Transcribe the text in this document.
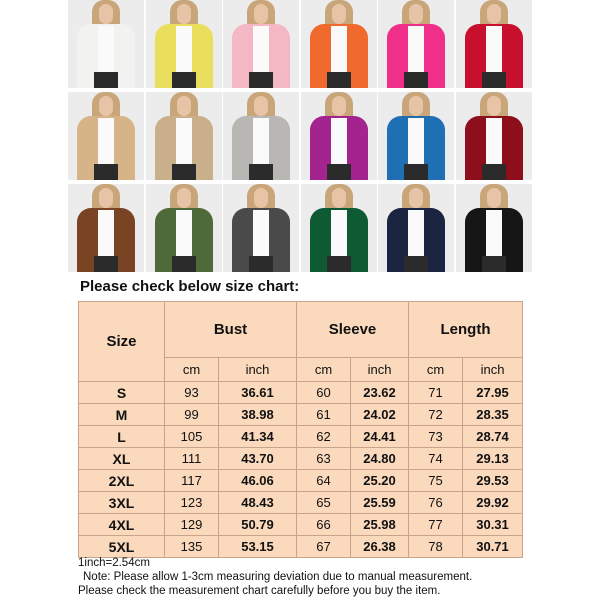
Please check below size chart:
Size	Bust		Sleeve		Length	
	cm	inch	cm	inch	cm	inch
S	93	36.61	60	23.62	71	27.95
M	99	38.98	61	24.02	72	28.35
L	105	41.34	62	24.41	73	28.74
XL	111	43.70	63	24.80	74	29.13
2XL	117	46.06	64	25.20	75	29.53
3XL	123	48.43	65	25.59	76	29.92
4XL	129	50.79	66	25.98	77	30.31
5XL	135	53.15	67	26.38	78	30.71
1inch=2.54cm
Note: Please allow 1-3cm measuring deviation due to manual measurement.
Please check the measurement chart carefully before you buy the item.
